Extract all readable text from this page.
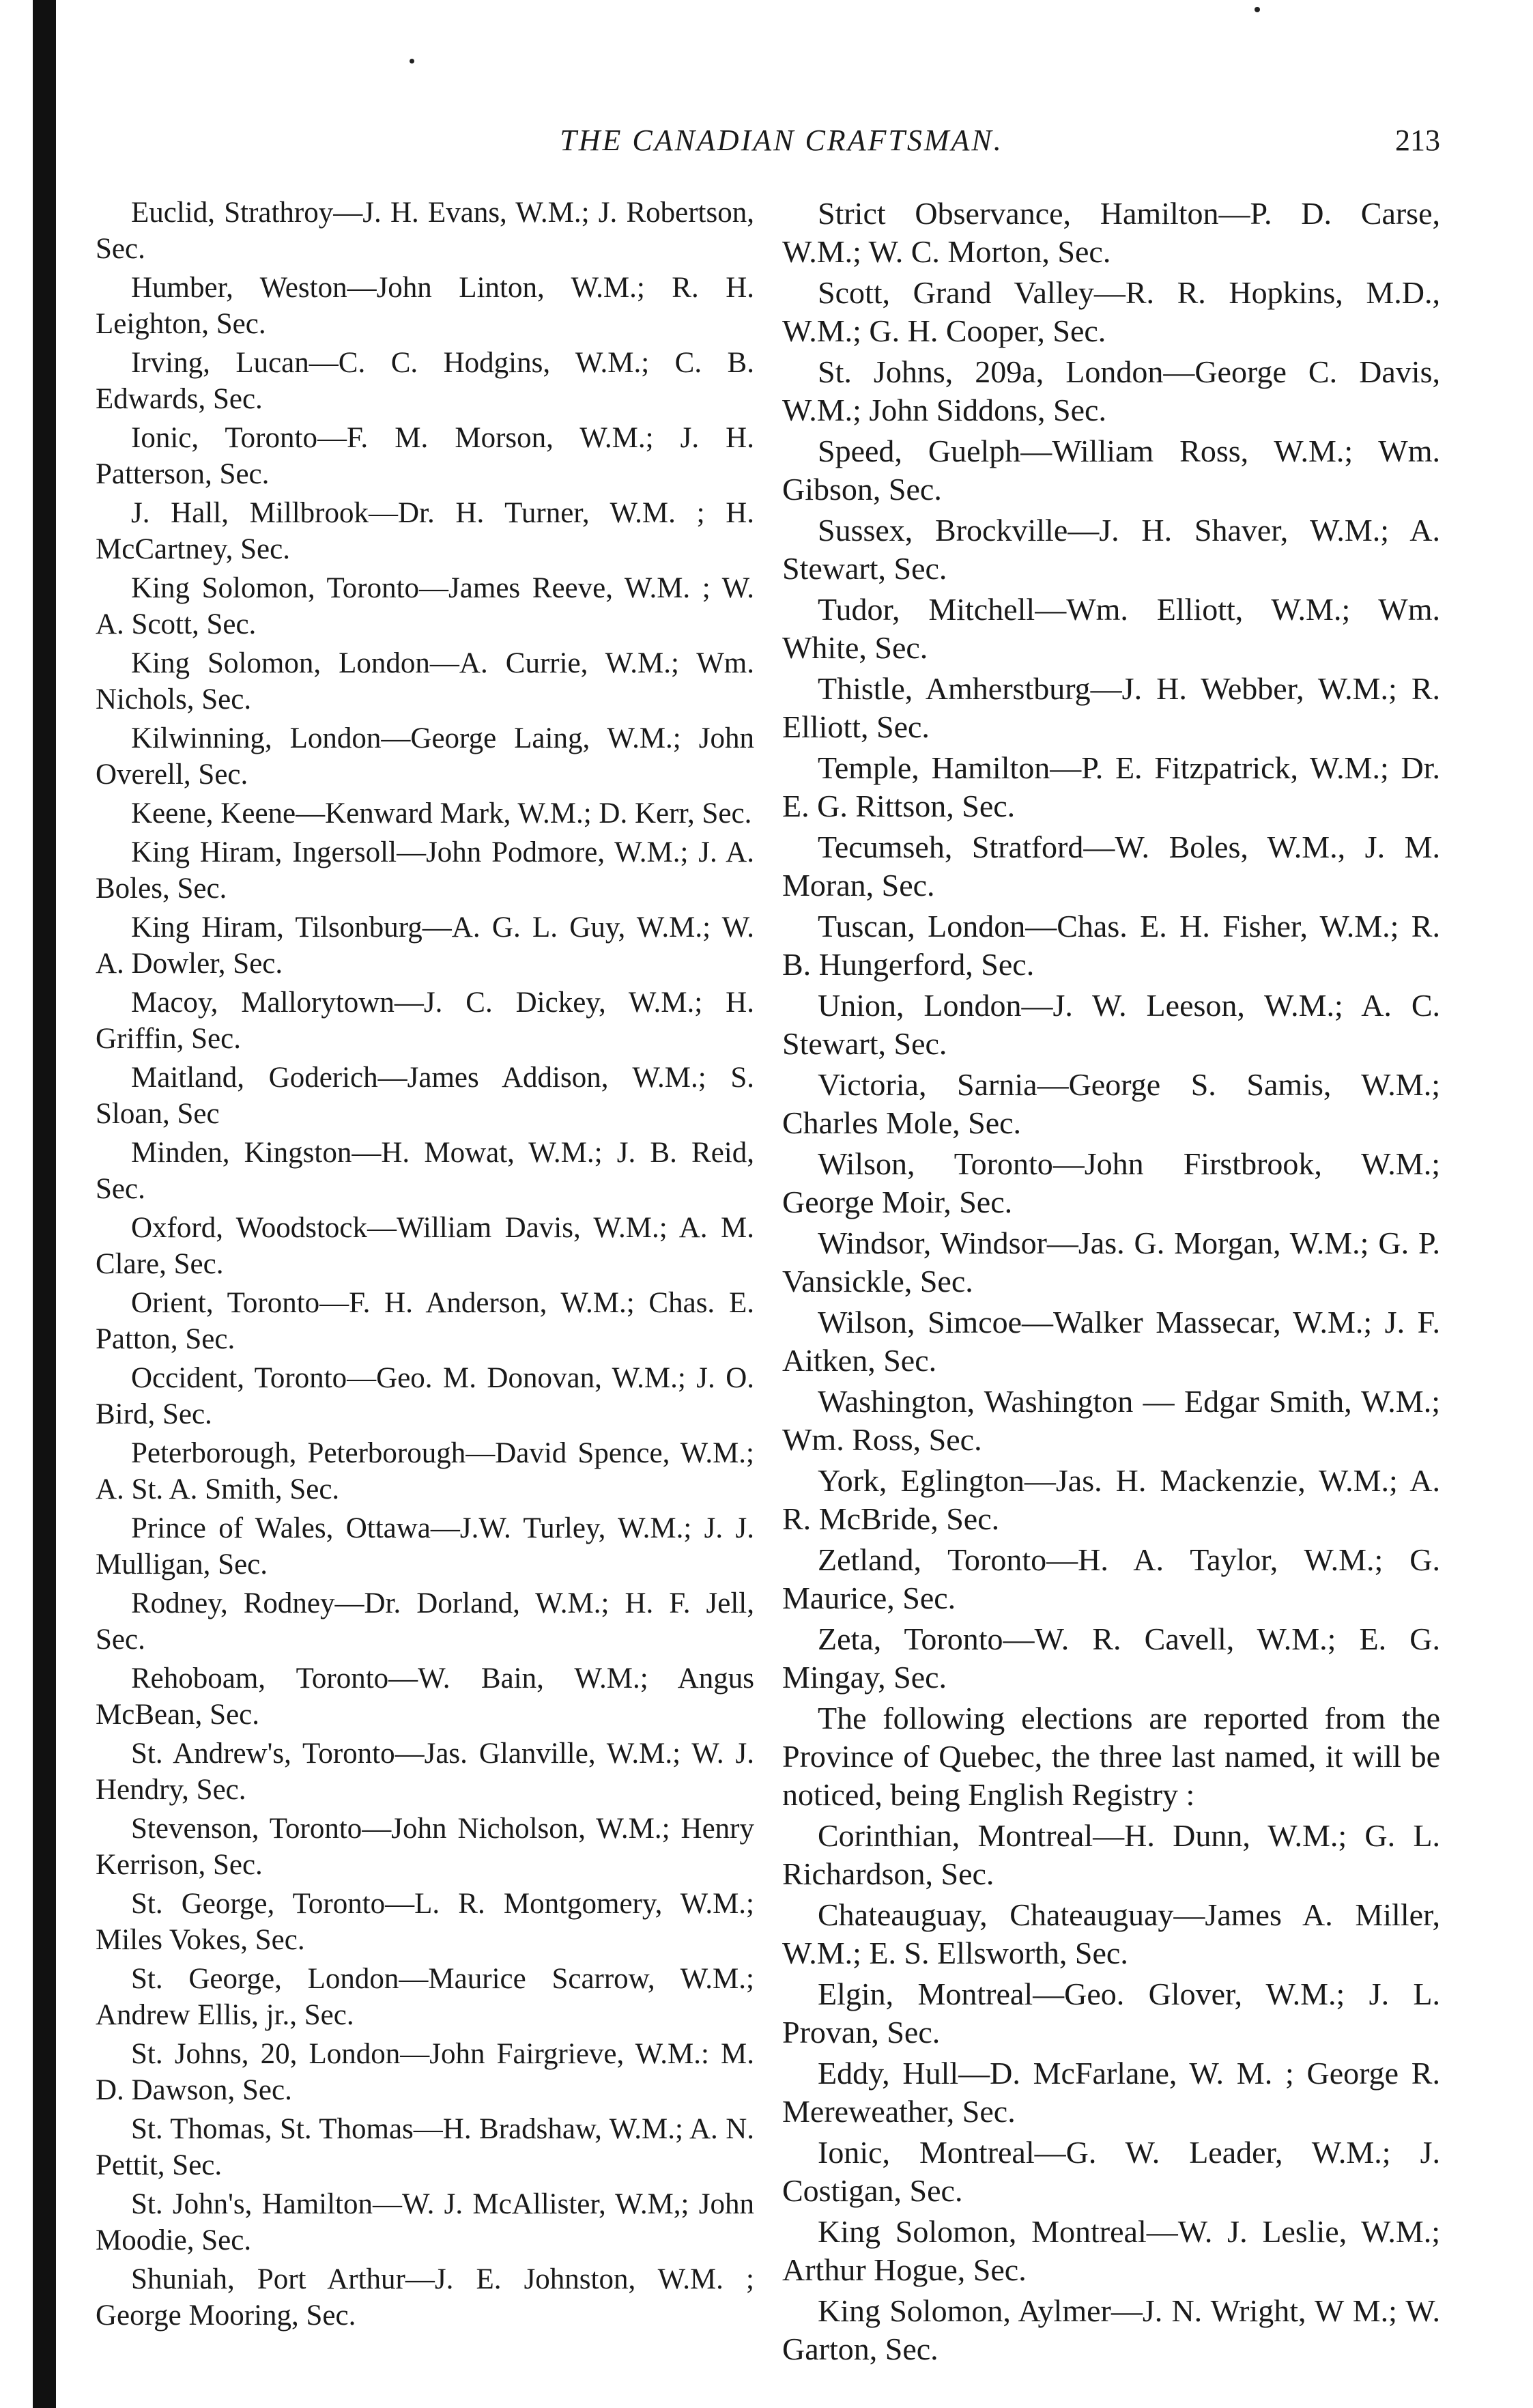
THE CANADIAN CRAFTSMAN.	213

Euclid, Strathroy—J. H. Evans, W.M.; J. Robertson, Sec.

Humber, Weston—John Linton, W.M.; R. H. Leighton, Sec.

Irving, Lucan—C. C. Hodgins, W.M.; C. B. Edwards, Sec.

Ionic, Toronto—F. M. Morson, W.M.; J. H. Patterson, Sec.

J. Hall, Millbrook—Dr. H. Turner, W.M. ; H. McCartney, Sec.

King Solomon, Toronto—James Reeve, W.M. ; W. A. Scott, Sec.

King Solomon, London—A. Currie, W.M.; Wm. Nichols, Sec.

Kilwinning, London—George Laing, W.M.; John Overell, Sec.

Keene, Keene—Kenward Mark, W.M.; D. Kerr, Sec.

King Hiram, Ingersoll—John Podmore, W.M.; J. A. Boles, Sec.

King Hiram, Tilsonburg—A. G. L. Guy, W.M.; W. A. Dowler, Sec.

Macoy, Mallorytown—J. C. Dickey, W.M.; H. Griffin, Sec.

Maitland, Goderich—James Addison, W.M.; S. Sloan, Sec

Minden, Kingston—H. Mowat, W.M.; J. B. Reid, Sec.

Oxford, Woodstock—William Davis, W.M.; A. M. Clare, Sec.

Orient, Toronto—F. H. Anderson, W.M.; Chas. E. Patton, Sec.

Occident, Toronto—Geo. M. Donovan, W.M.; J. O. Bird, Sec.

Peterborough, Peterborough—David Spence, W.M.; A. St. A. Smith, Sec.

Prince of Wales, Ottawa—J.W. Turley, W.M.; J. J. Mulligan, Sec.

Rodney, Rodney—Dr. Dorland, W.M.; H. F. Jell, Sec.

Rehoboam, Toronto—W. Bain, W.M.; Angus McBean, Sec.

St. Andrew's, Toronto—Jas. Glanville, W.M.; W. J. Hendry, Sec.

Stevenson, Toronto—John Nicholson, W.M.; Henry Kerrison, Sec.

St. George, Toronto—L. R. Montgomery, W.M.; Miles Vokes, Sec.

St. George, London—Maurice Scarrow, W.M.; Andrew Ellis, jr., Sec.

St. Johns, 20, London—John Fairgrieve, W.M.: M. D. Dawson, Sec.

St. Thomas, St. Thomas—H. Bradshaw, W.M.; A. N. Pettit, Sec.

St. John's, Hamilton—W. J. McAllister, W.M,; John Moodie, Sec.

Shuniah, Port Arthur—J. E. Johnston, W.M. ; George Mooring, Sec.

Strict Observance, Hamilton—P. D. Carse, W.M.; W. C. Morton, Sec.

Scott, Grand Valley—R. R. Hopkins, M.D., W.M.; G. H. Cooper, Sec.

St. Johns, 209a, London—George C. Davis, W.M.; John Siddons, Sec.

Speed, Guelph—William Ross, W.M.; Wm. Gibson, Sec.

Sussex, Brockville—J. H. Shaver, W.M.; A. Stewart, Sec.

Tudor, Mitchell—Wm. Elliott, W.M.; Wm. White, Sec.

Thistle, Amherstburg—J. H. Webber, W.M.; R. Elliott, Sec.

Temple, Hamilton—P. E. Fitzpatrick, W.M.; Dr. E. G. Rittson, Sec.

Tecumseh, Stratford—W. Boles, W.M., J. M. Moran, Sec.

Tuscan, London—Chas. E. H. Fisher, W.M.; R. B. Hungerford, Sec.

Union, London—J. W. Leeson, W.M.; A. C. Stewart, Sec.

Victoria, Sarnia—George S. Samis, W.M.; Charles Mole, Sec.

Wilson, Toronto—John Firstbrook, W.M.; George Moir, Sec.

Windsor, Windsor—Jas. G. Morgan, W.M.; G. P. Vansickle, Sec.

Wilson, Simcoe—Walker Massecar, W.M.; J. F. Aitken, Sec.

Washington, Washington — Edgar Smith, W.M.; Wm. Ross, Sec.

York, Eglington—Jas. H. Mackenzie, W.M.; A. R. McBride, Sec.

Zetland, Toronto—H. A. Taylor, W.M.; G. Maurice, Sec.

Zeta, Toronto—W. R. Cavell, W.M.; E. G. Mingay, Sec.

The following elections are reported from the Province of Quebec, the three last named, it will be noticed, being English Registry :

Corinthian, Montreal—H. Dunn, W.M.; G. L. Richardson, Sec.

Chateauguay, Chateauguay—James A. Miller, W.M.; E. S. Ellsworth, Sec.

Elgin, Montreal—Geo. Glover, W.M.; J. L. Provan, Sec.

Eddy, Hull—D. McFarlane, W. M. ; George R. Mereweather, Sec.

Ionic, Montreal—G. W. Leader, W.M.; J. Costigan, Sec.

King Solomon, Montreal—W. J. Leslie, W.M.; Arthur Hogue, Sec.

King Solomon, Aylmer—J. N. Wright, W M.; W. Garton, Sec.
